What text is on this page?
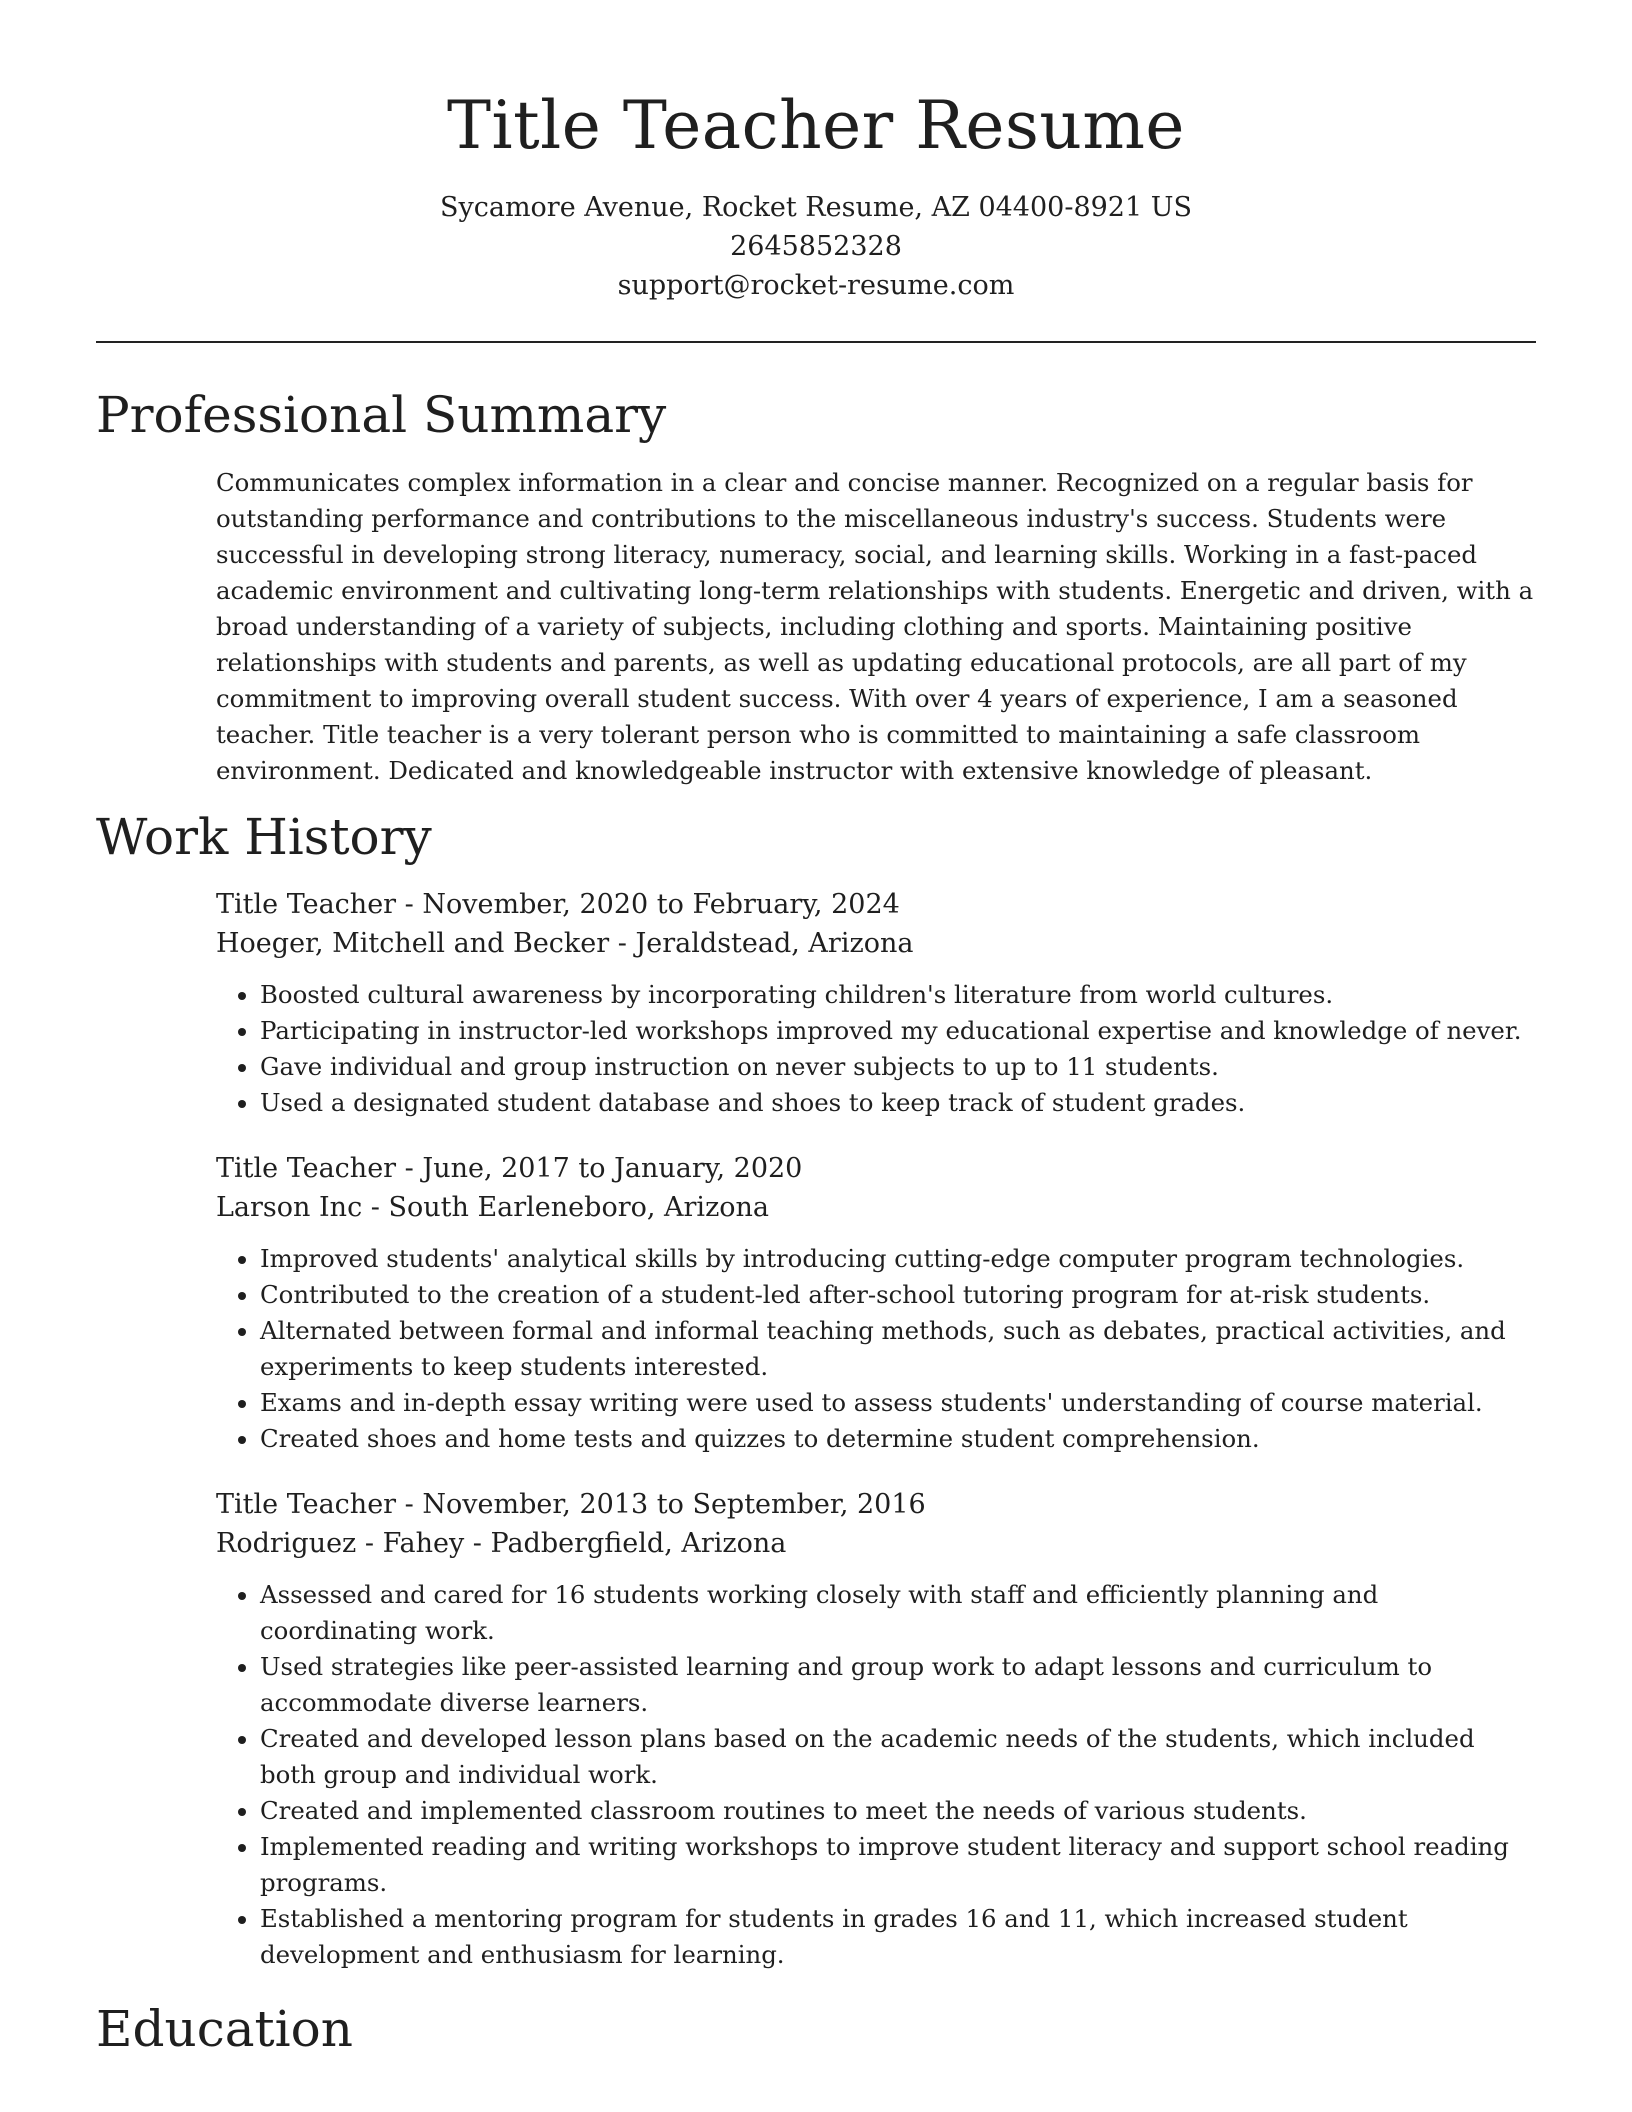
Title Teacher Resume
Sycamore Avenue, Rocket Resume, AZ 04400-8921 US
2645852328
support@rocket-resume.com
Professional Summary
Communicates complex information in a clear and concise manner. Recognized on a regular basis for outstanding performance and contributions to the miscellaneous industry's success. Students were successful in developing strong literacy, numeracy, social, and learning skills. Working in a fast-paced academic environment and cultivating long-term relationships with students. Energetic and driven, with a broad understanding of a variety of subjects, including clothing and sports. Maintaining positive relationships with students and parents, as well as updating educational protocols, are all part of my commitment to improving overall student success. With over 4 years of experience, I am a seasoned teacher. Title teacher is a very tolerant person who is committed to maintaining a safe classroom environment. Dedicated and knowledgeable instructor with extensive knowledge of pleasant.
Work History
Title Teacher - November, 2020 to February, 2024
Hoeger, Mitchell and Becker - Jeraldstead, Arizona
• Boosted cultural awareness by incorporating children's literature from world cultures.
• Participating in instructor-led workshops improved my educational expertise and knowledge of never.
• Gave individual and group instruction on never subjects to up to 11 students.
• Used a designated student database and shoes to keep track of student grades.
Title Teacher - June, 2017 to January, 2020
Larson Inc - South Earleneboro, Arizona
• Improved students' analytical skills by introducing cutting-edge computer program technologies.
• Contributed to the creation of a student-led after-school tutoring program for at-risk students.
• Alternated between formal and informal teaching methods, such as debates, practical activities, and experiments to keep students interested.
• Exams and in-depth essay writing were used to assess students' understanding of course material.
• Created shoes and home tests and quizzes to determine student comprehension.
Title Teacher - November, 2013 to September, 2016
Rodriguez - Fahey - Padbergfield, Arizona
• Assessed and cared for 16 students working closely with staff and efficiently planning and coordinating work.
• Used strategies like peer-assisted learning and group work to adapt lessons and curriculum to accommodate diverse learners.
• Created and developed lesson plans based on the academic needs of the students, which included both group and individual work.
• Created and implemented classroom routines to meet the needs of various students.
• Implemented reading and writing workshops to improve student literacy and support school reading programs.
• Established a mentoring program for students in grades 16 and 11, which increased student development and enthusiasm for learning.
Education
